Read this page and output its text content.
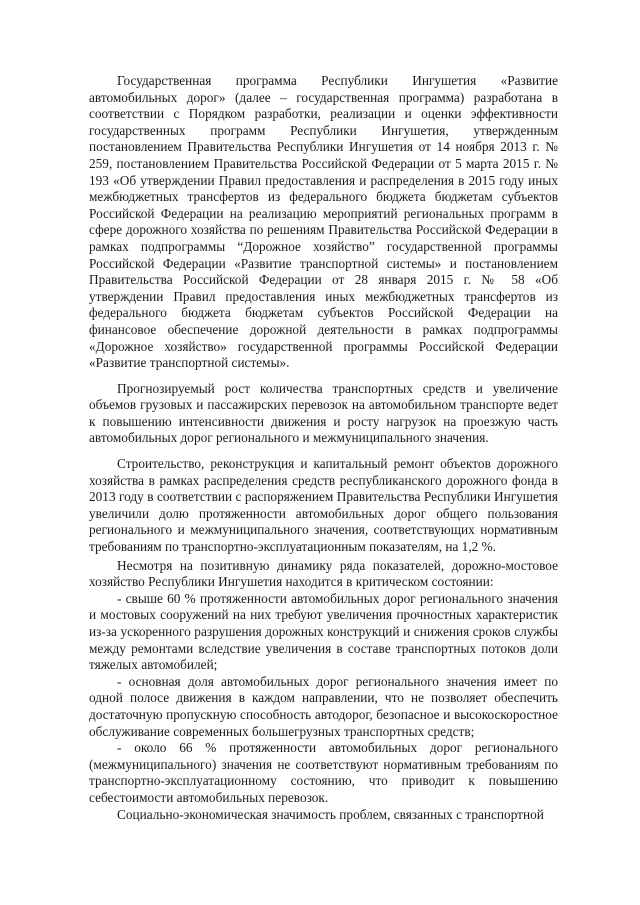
Государственная программа Республики Ингушетия «Развитие автомобильных дорог» (далее – государственная программа) разработана в соответствии с Порядком разработки, реализации и оценки эффективности государственных программ Республики Ингушетия, утвержденным постановлением Правительства Республики Ингушетия от 14 ноября 2013 г. № 259, постановлением Правительства Российской Федерации от 5 марта 2015 г. № 193 «Об утверждении Правил предоставления и распределения в 2015 году иных межбюджетных трансфертов из федерального бюджета бюджетам субъектов Российской Федерации на реализацию мероприятий региональных программ в сфере дорожного хозяйства по решениям Правительства Российской Федерации в рамках подпрограммы “Дорожное хозяйство” государственной программы Российской Федерации «Развитие транспортной системы» и постановлением Правительства Российской Федерации от 28 января 2015 г. № 58 «Об утверждении Правил предоставления иных межбюджетных трансфертов из федерального бюджета бюджетам субъектов Российской Федерации на финансовое обеспечение дорожной деятельности в рамках подпрограммы «Дорожное хозяйство» государственной программы Российской Федерации «Развитие транспортной системы».

Прогнозируемый рост количества транспортных средств и увеличение объемов грузовых и пассажирских перевозок на автомобильном транспорте ведет к повышению интенсивности движения и росту нагрузок на проезжую часть автомобильных дорог регионального и межмуниципального значения.

Строительство, реконструкция и капитальный ремонт объектов дорожного хозяйства в рамках распределения средств республиканского дорожного фонда в 2013 году в соответствии с распоряжением Правительства Республики Ингушетия увеличили долю протяженности автомобильных дорог общего пользования регионального и межмуниципального значения, соответствующих нормативным требованиям по транспортно-эксплуатационным показателям, на 1,2 %.

Несмотря на позитивную динамику ряда показателей, дорожно-мостовое хозяйство Республики Ингушетия находится в критическом состоянии:

- свыше 60 % протяженности автомобильных дорог регионального значения и мостовых сооружений на них требуют увеличения прочностных характеристик из-за ускоренного разрушения дорожных конструкций и снижения сроков службы между ремонтами вследствие увеличения в составе транспортных потоков доли тяжелых автомобилей;

- основная доля автомобильных дорог регионального значения имеет по одной полосе движения в каждом направлении, что не позволяет обеспечить достаточную пропускную способность автодорог, безопасное и высокоскоростное обслуживание современных большегрузных транспортных средств;

- около 66 % протяженности автомобильных дорог регионального (межмуниципального) значения не соответствуют нормативным требованиям по транспортно-эксплуатационному состоянию, что приводит к повышению себестоимости автомобильных перевозок.

Социально-экономическая значимость проблем, связанных с транспортной
